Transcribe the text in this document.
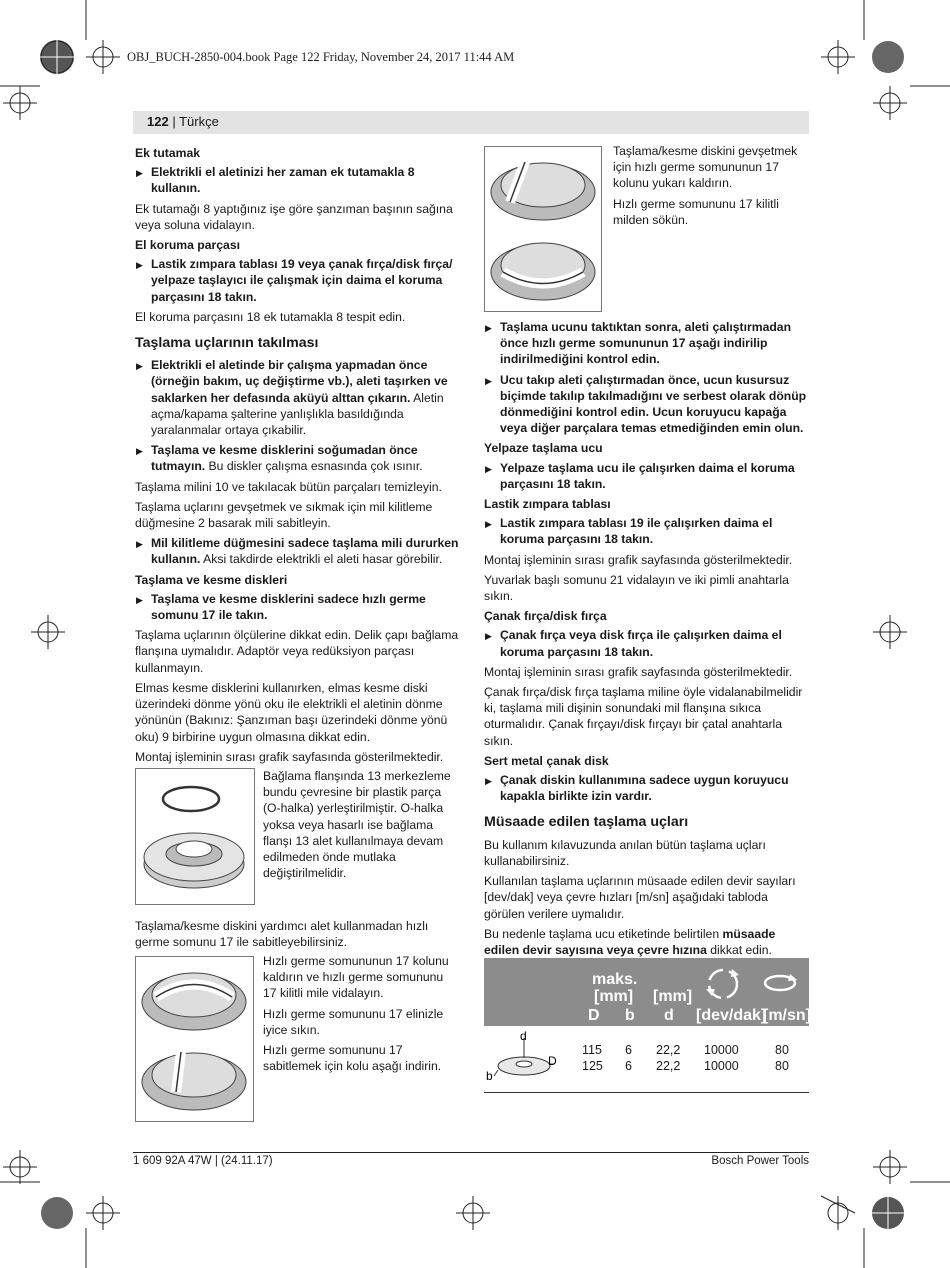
OBJ_BUCH-2850-004.book Page 122 Friday, November 24, 2017 11:44 AM
122 | Türkçe
Ek tutamak
▶ Elektrikli el aletinizi her zaman ek tutamakla 8 kullanın.

Ek tutamağı 8 yaptığınız işe göre şanzıman başının sağına veya soluna vidalayın.

El koruma parçası
▶ Lastik zımpara tablası 19 veya çanak fırça/disk fırça/ yelpaze taşlayıcı ile çalışmak için daima el koruma parçasını 18 takın.

El koruma parçasını 18 ek tutamakla 8 tespit edin.

Taşlama uçlarının takılması
▶ Elektrikli el aletinde bir çalışma yapmadan önce (örneğin bakım, uç değiştirme vb.), aleti taşırken ve saklarken her defasında aküyü alttan çıkarın. Aletin açma/kapama şalterine yanlışlıkla basıldığında yaralanmalar ortaya çıkabilir.
▶ Taşlama ve kesme disklerini soğumadan önce tutmayın. Bu diskler çalışma esnasında çok ısınır.

Taşlama milini 10 ve takılacak bütün parçaları temizleyin.

Taşlama uçlarını gevşetmek ve sıkmak için mil kilitleme düğmesine 2 basarak mili sabitleyin.

▶ Mil kilitleme düğmesini sadece taşlama mili dururken kullanın. Aksi takdirde elektrikli el aleti hasar görebilir.
Taşlama ve kesme diskleri
▶ Taşlama ve kesme disklerini sadece hızlı germe somunu 17 ile takın.

Taşlama uçlarının ölçülerine dikkat edin. Delik çapı bağlama flanşına uymalıdır. Adaptör veya redüksiyon parçası kullanmayın.

Elmas kesme disklerini kullanırken, elmas kesme diski üzerindeki dönme yönü oku ile elektrikli el aletinin dönme yönünün (Bakınız: Şanzıman başı üzerindeki dönme yönü oku) 9 birbirine uygun olmasına dikkat edin.

Montaj işleminin sırası grafik sayfasında gösterilmektedir.

Bağlama flanşında 13 merkezleme bundu çevresine bir plastik parça (O-halka) yerleştirilmiştir. O-halka yoksa veya hasarlı ise bağlama flanşı 13 alet kullanılmaya devam edilmeden önde mutlaka değiştirilmelidir.

Taşlama/kesme diskini yardımcı alet kullanmadan hızlı germe somunu 17 ile sabitleyebilirsiniz.

Hızlı germe somununun 17 kolunu kaldırın ve hızlı germe somununu 17 kilitli mile vidalayın.

Hızlı germe somununu 17 elinizle iyice sıkın.

Hızlı germe somununu 17 sabitlemek için kolu aşağı indirin.

Taşlama/kesme diskini gevşetmek için hızlı germe somununun 17 kolunu yukarı kaldırın.

Hızlı germe somununu 17 kilitli milden sökün.

▶ Taşlama ucunu taktıktan sonra, aleti çalıştırmadan önce hızlı germe somununun 17 aşağı indirilip indirilmediğini kontrol edin.
▶ Ucu takıp aleti çalıştırmadan önce, ucun kusursuz biçimde takılıp takılmadığını ve serbest olarak dönüp dönmediğini kontrol edin. Ucun koruyucu kapağa veya diğer parçalara temas etmediğinden emin olun.
Yelpaze taşlama ucu
▶ Yelpaze taşlama ucu ile çalışırken daima el koruma parçasını 18 takın.
Lastik zımpara tablası
▶ Lastik zımpara tablası 19 ile çalışırken daima el koruma parçasını 18 takın.

Montaj işleminin sırası grafik sayfasında gösterilmektedir.

Yuvarlak başlı somunu 21 vidalayın ve iki pimli anahtarla sıkın.

Çanak fırça/disk fırça
▶ Çanak fırça veya disk fırça ile çalışırken daima el koruma parçasını 18 takın.

Montaj işleminin sırası grafik sayfasında gösterilmektedir.

Çanak fırça/disk fırça taşlama miline öyle vidalanabilmelidir ki, taşlama mili dişinin sonundaki mil flanşına sıkıca oturmalıdır. Çanak fırçayı/disk fırçayı bir çatal anahtarla sıkın.

Sert metal çanak disk
▶ Çanak diskin kullanımına sadece uygun koruyucu kapakla birlikte izin vardır.
Müsaade edilen taşlama uçları

Bu kullanım kılavuzunda anılan bütün taşlama uçları kullanabilirsiniz.

Kullanılan taşlama uçlarının müsaade edilen devir sayıları [dev/dak] veya çevre hızları [m/sn] aşağıdaki tabloda görülen verilere uymalıdır.

Bu nedenle taşlama ucu etiketinde belirtilen müsaade edilen devir sayısına veya çevre hızına dikkat edin.

maks.
[mm] [mm]
D b d [dev/dak]
[m/sn]
d
D
b
115 6 22,2 10000	80
125 6 22,2 10000	80
1 609 92A 47W | (24.11.17)	Bosch Power Tools
